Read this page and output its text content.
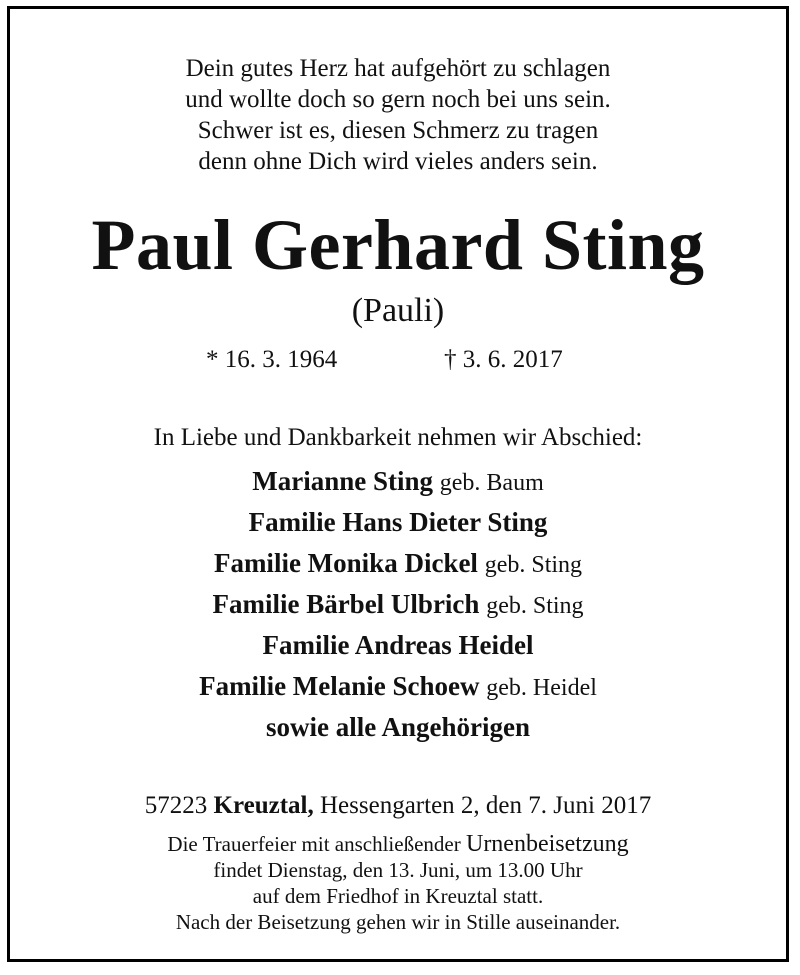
Dein gutes Herz hat aufgehört zu schlagen
und wollte doch so gern noch bei uns sein.
Schwer ist es, diesen Schmerz zu tragen
denn ohne Dich wird vieles anders sein.
Paul Gerhard Sting
(Pauli)
* 16. 3. 1964	† 3. 6. 2017
In Liebe und Dankbarkeit nehmen wir Abschied:
Marianne Sting geb. Baum
Familie Hans Dieter Sting
Familie Monika Dickel geb. Sting
Familie Bärbel Ulbrich geb. Sting
Familie Andreas Heidel
Familie Melanie Schoew geb. Heidel
sowie alle Angehörigen
57223 Kreuztal, Hessengarten 2, den 7. Juni 2017
Die Trauerfeier mit anschließender Urnenbeisetzung
findet Dienstag, den 13. Juni, um 13.00 Uhr
auf dem Friedhof in Kreuztal statt.
Nach der Beisetzung gehen wir in Stille auseinander.
